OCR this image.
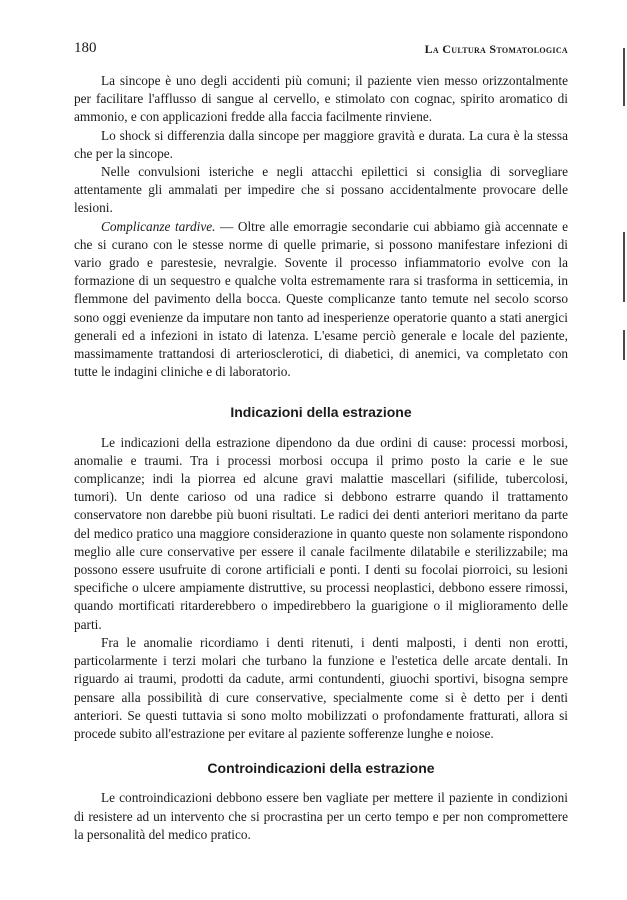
180	La Cultura Stomatologica

La sincope è uno degli accidenti più comuni; il paziente vien messo orizzontalmente per facilitare l'afflusso di sangue al cervello, e stimolato con cognac, spirito aromatico di ammonio, e con applicazioni fredde alla faccia facilmente rinviene.

Lo shock si differenzia dalla sincope per maggiore gravità e durata. La cura è la stessa che per la sincope.

Nelle convulsioni isteriche e negli attacchi epilettici si consiglia di sorvegliare attentamente gli ammalati per impedire che si possano accidentalmente provocare delle lesioni.

Complicanze tardive. — Oltre alle emorragie secondarie cui abbiamo già accennate e che si curano con le stesse norme di quelle primarie, si possono manifestare infezioni di vario grado e parestesie, nevralgie. Sovente il processo infiammatorio evolve con la formazione di un sequestro e qualche volta estremamente rara si trasforma in setticemia, in flemmone del pavimento della bocca. Queste complicanze tanto temute nel secolo scorso sono oggi evenienze da imputare non tanto ad inesperienze operatorie quanto a stati anergici generali ed a infezioni in istato di latenza. L'esame perciò generale e locale del paziente, massimamente trattandosi di arteriosclerotici, di diabetici, di anemici, va completato con tutte le indagini cliniche e di laboratorio.

Indicazioni della estrazione

Le indicazioni della estrazione dipendono da due ordini di cause: processi morbosi, anomalie e traumi. Tra i processi morbosi occupa il primo posto la carie e le sue complicanze; indi la piorrea ed alcune gravi malattie mascellari (sifilide, tubercolosi, tumori). Un dente carioso od una radice si debbono estrarre quando il trattamento conservatore non darebbe più buoni risultati. Le radici dei denti anteriori meritano da parte del medico pratico una maggiore considerazione in quanto queste non solamente rispondono meglio alle cure conservative per essere il canale facilmente dilatabile e sterilizzabile; ma possono essere usufruite di corone artificiali e ponti. I denti su focolai piorroici, su lesioni specifiche o ulcere ampiamente distruttive, su processi neoplastici, debbono essere rimossi, quando mortificati ritarderebbero o impedirebbero la guarigione o il miglioramento delle parti.

Fra le anomalie ricordiamo i denti ritenuti, i denti malposti, i denti non erotti, particolarmente i terzi molari che turbano la funzione e l'estetica delle arcate dentali. In riguardo ai traumi, prodotti da cadute, armi contundenti, giuochi sportivi, bisogna sempre pensare alla possibilità di cure conservative, specialmente come si è detto per i denti anteriori. Se questi tuttavia si sono molto mobilizzati o profondamente fratturati, allora si procede subito all'estrazione per evitare al paziente sofferenze lunghe e noiose.

Controindicazioni della estrazione

Le controindicazioni debbono essere ben vagliate per mettere il paziente in condizioni di resistere ad un intervento che si procrastina per un certo tempo e per non compromettere la personalità del medico pratico.
